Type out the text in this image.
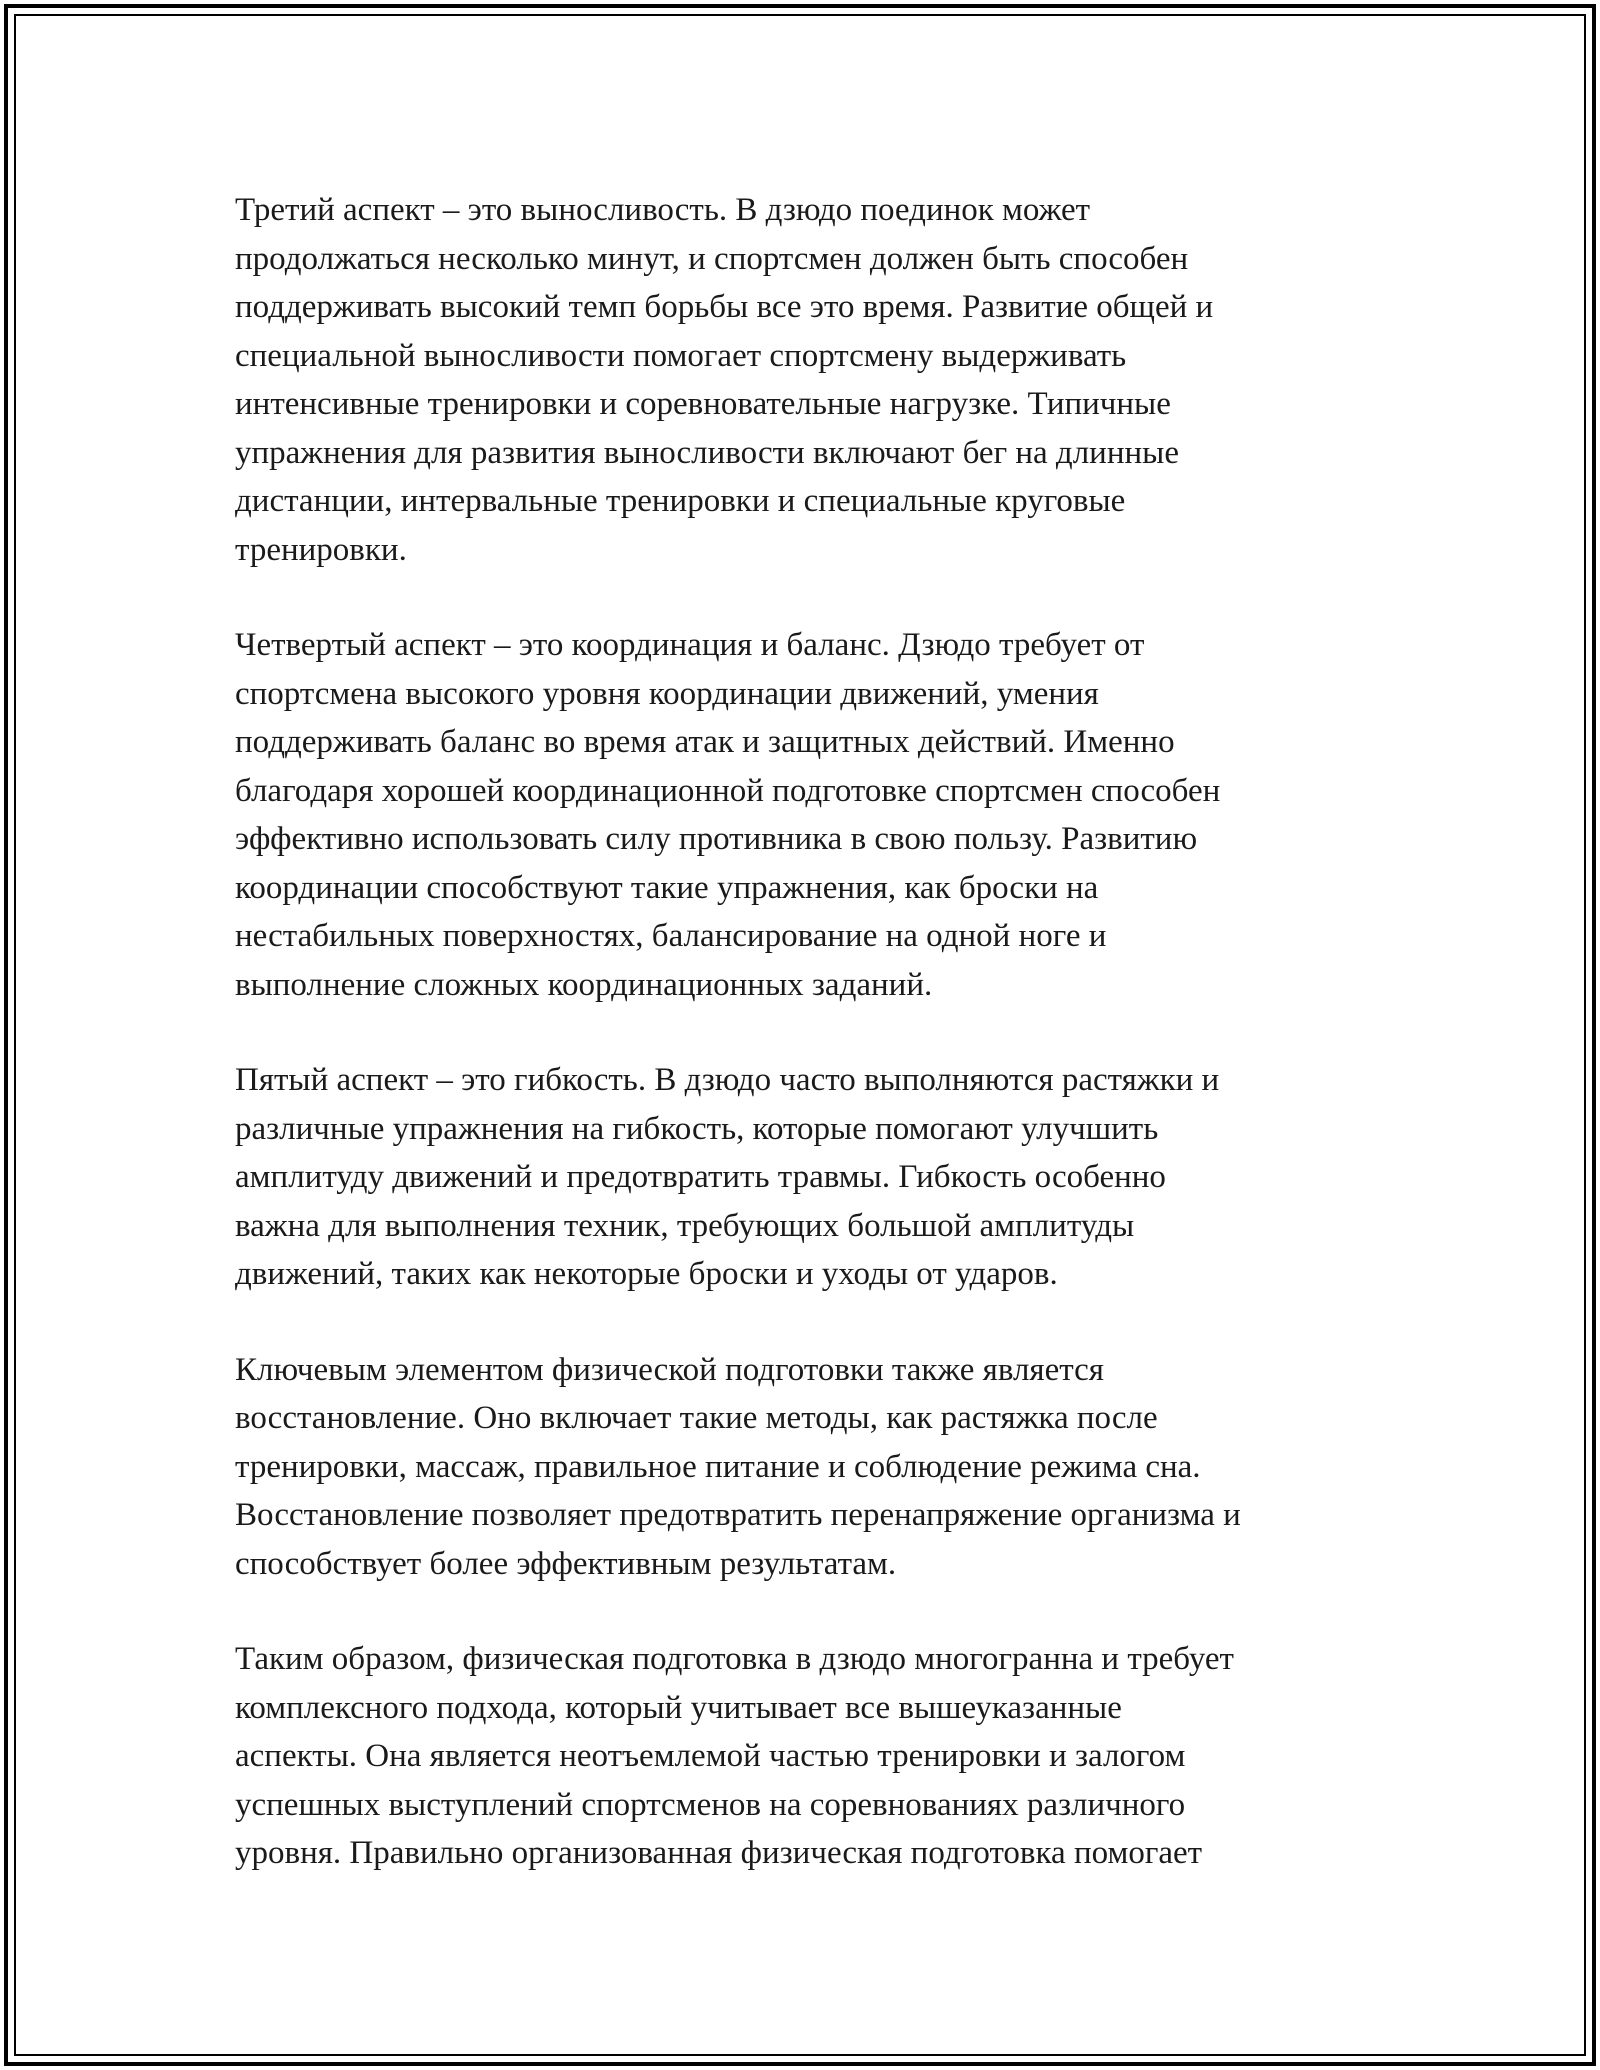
Третий аспект – это выносливость. В дзюдо поединок может
продолжаться несколько минут, и спортсмен должен быть способен
поддерживать высокий темп борьбы все это время. Развитие общей и
специальной выносливости помогает спортсмену выдерживать
интенсивные тренировки и соревновательные нагрузке. Типичные
упражнения для развития выносливости включают бег на длинные
дистанции, интервальные тренировки и специальные круговые
тренировки.

Четвертый аспект – это координация и баланс. Дзюдо требует от
спортсмена высокого уровня координации движений, умения
поддерживать баланс во время атак и защитных действий. Именно
благодаря хорошей координационной подготовке спортсмен способен
эффективно использовать силу противника в свою пользу. Развитию
координации способствуют такие упражнения, как броски на
нестабильных поверхностях, балансирование на одной ноге и
выполнение сложных координационных заданий.

Пятый аспект – это гибкость. В дзюдо часто выполняются растяжки и
различные упражнения на гибкость, которые помогают улучшить
амплитуду движений и предотвратить травмы. Гибкость особенно
важна для выполнения техник, требующих большой амплитуды
движений, таких как некоторые броски и уходы от ударов.

Ключевым элементом физической подготовки также является
восстановление. Оно включает такие методы, как растяжка после
тренировки, массаж, правильное питание и соблюдение режима сна.
Восстановление позволяет предотвратить перенапряжение организма и
способствует более эффективным результатам.

Таким образом, физическая подготовка в дзюдо многогранна и требует
комплексного подхода, который учитывает все вышеуказанные
аспекты. Она является неотъемлемой частью тренировки и залогом
успешных выступлений спортсменов на соревнованиях различного
уровня. Правильно организованная физическая подготовка помогает
